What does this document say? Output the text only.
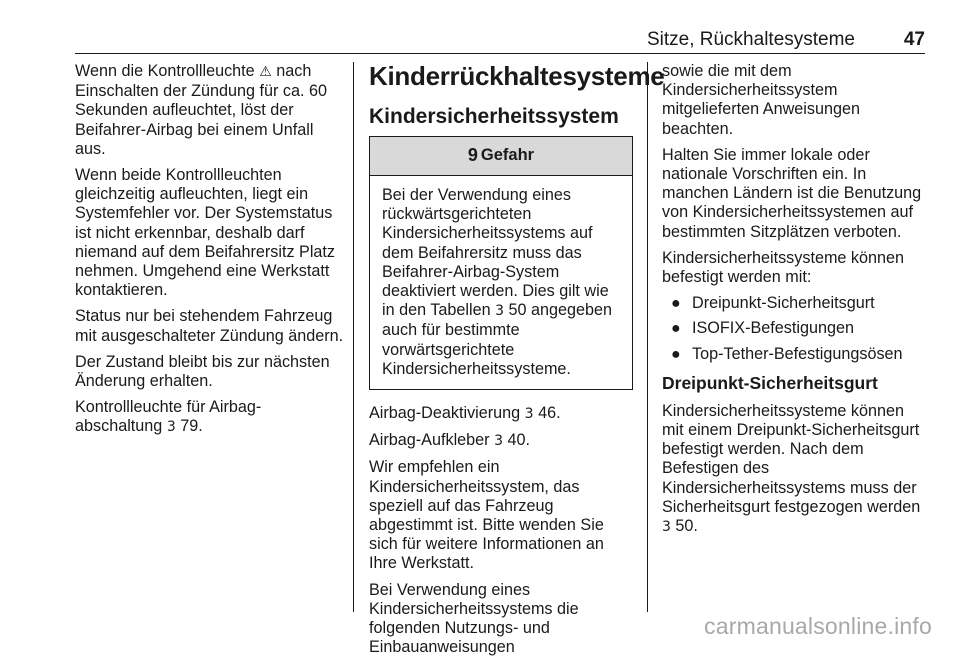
Sitze, Rückhaltesysteme	47

Wenn die Kontrollleuchte ⚠ nach Einschalten der Zündung für ca. 60 Sekunden aufleuchtet, löst der Beifahrer-Airbag bei einem Unfall aus.

Wenn beide Kontrollleuchten gleichzeitig aufleuchten, liegt ein Systemfehler vor. Der Systemstatus ist nicht erkennbar, deshalb darf niemand auf dem Beifahrersitz Platz nehmen. Umgehend eine Werkstatt kontaktieren.

Status nur bei stehendem Fahrzeug mit ausgeschalteter Zündung ändern.

Der Zustand bleibt bis zur nächsten Änderung erhalten.

Kontrollleuchte für Airbag-abschaltung 3 79.

Kinderrückhaltesysteme
Kindersicherheitssystem
9 Gefahr
Bei der Verwendung eines rückwärtsgerichteten Kindersicherheitssystems auf dem Beifahrersitz muss das Beifahrer-Airbag-System deaktiviert werden. Dies gilt wie in den Tabellen 3 50 angegeben auch für bestimmte vorwärtsgerichtete Kindersicherheitssysteme.

Airbag-Deaktivierung 3 46.

Airbag-Aufkleber 3 40.

Wir empfehlen ein Kindersicherheitssystem, das speziell auf das Fahrzeug abgestimmt ist. Bitte wenden Sie sich für weitere Informationen an Ihre Werkstatt.

Bei Verwendung eines Kindersicherheitssystems die folgenden Nutzungs- und Einbauanweisungen

sowie die mit dem Kindersicherheitssystem mitgelieferten Anweisungen beachten.

Halten Sie immer lokale oder nationale Vorschriften ein. In manchen Ländern ist die Benutzung von Kindersicherheitssystemen auf bestimmten Sitzplätzen verboten.

Kindersicherheitssysteme können befestigt werden mit:

● Dreipunkt-Sicherheitsgurt
● ISOFIX-Befestigungen
● Top-Tether-Befestigungsösen
Dreipunkt-Sicherheitsgurt

Kindersicherheitssysteme können mit einem Dreipunkt-Sicherheitsgurt befestigt werden. Nach dem Befestigen des Kindersicherheitssystems muss der Sicherheitsgurt festgezogen werden 3 50.

carmanualsonline.info
